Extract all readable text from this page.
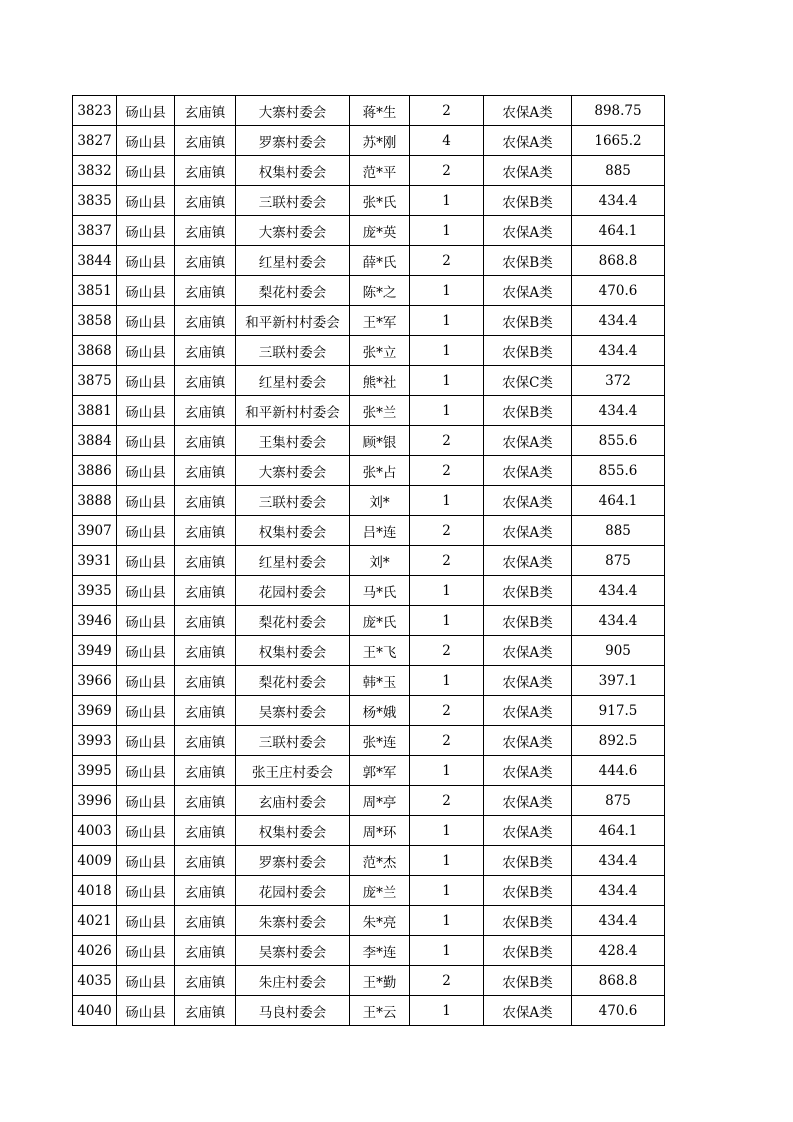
3823	砀山县	玄庙镇	大寨村委会	蒋*生	2	农保A类	898.75
3827	砀山县	玄庙镇	罗寨村委会	苏*刚	4	农保A类	1665.2
3832	砀山县	玄庙镇	权集村委会	范*平	2	农保A类	885
3835	砀山县	玄庙镇	三联村委会	张*氏	1	农保B类	434.4
3837	砀山县	玄庙镇	大寨村委会	庞*英	1	农保A类	464.1
3844	砀山县	玄庙镇	红星村委会	薛*氏	2	农保B类	868.8
3851	砀山县	玄庙镇	梨花村委会	陈*之	1	农保A类	470.6
3858	砀山县	玄庙镇	和平新村村委会	王*军	1	农保B类	434.4
3868	砀山县	玄庙镇	三联村委会	张*立	1	农保B类	434.4
3875	砀山县	玄庙镇	红星村委会	熊*社	1	农保C类	372
3881	砀山县	玄庙镇	和平新村村委会	张*兰	1	农保B类	434.4
3884	砀山县	玄庙镇	王集村委会	顾*银	2	农保A类	855.6
3886	砀山县	玄庙镇	大寨村委会	张*占	2	农保A类	855.6
3888	砀山县	玄庙镇	三联村委会	刘*	1	农保A类	464.1
3907	砀山县	玄庙镇	权集村委会	吕*连	2	农保A类	885
3931	砀山县	玄庙镇	红星村委会	刘*	2	农保A类	875
3935	砀山县	玄庙镇	花园村委会	马*氏	1	农保B类	434.4
3946	砀山县	玄庙镇	梨花村委会	庞*氏	1	农保B类	434.4
3949	砀山县	玄庙镇	权集村委会	王*飞	2	农保A类	905
3966	砀山县	玄庙镇	梨花村委会	韩*玉	1	农保A类	397.1
3969	砀山县	玄庙镇	吴寨村委会	杨*娥	2	农保A类	917.5
3993	砀山县	玄庙镇	三联村委会	张*连	2	农保A类	892.5
3995	砀山县	玄庙镇	张王庄村委会	郭*军	1	农保A类	444.6
3996	砀山县	玄庙镇	玄庙村委会	周*亭	2	农保A类	875
4003	砀山县	玄庙镇	权集村委会	周*环	1	农保A类	464.1
4009	砀山县	玄庙镇	罗寨村委会	范*杰	1	农保B类	434.4
4018	砀山县	玄庙镇	花园村委会	庞*兰	1	农保B类	434.4
4021	砀山县	玄庙镇	朱寨村委会	朱*亮	1	农保B类	434.4
4026	砀山县	玄庙镇	吴寨村委会	李*连	1	农保B类	428.4
4035	砀山县	玄庙镇	朱庄村委会	王*勤	2	农保B类	868.8
4040	砀山县	玄庙镇	马良村委会	王*云	1	农保A类	470.6
